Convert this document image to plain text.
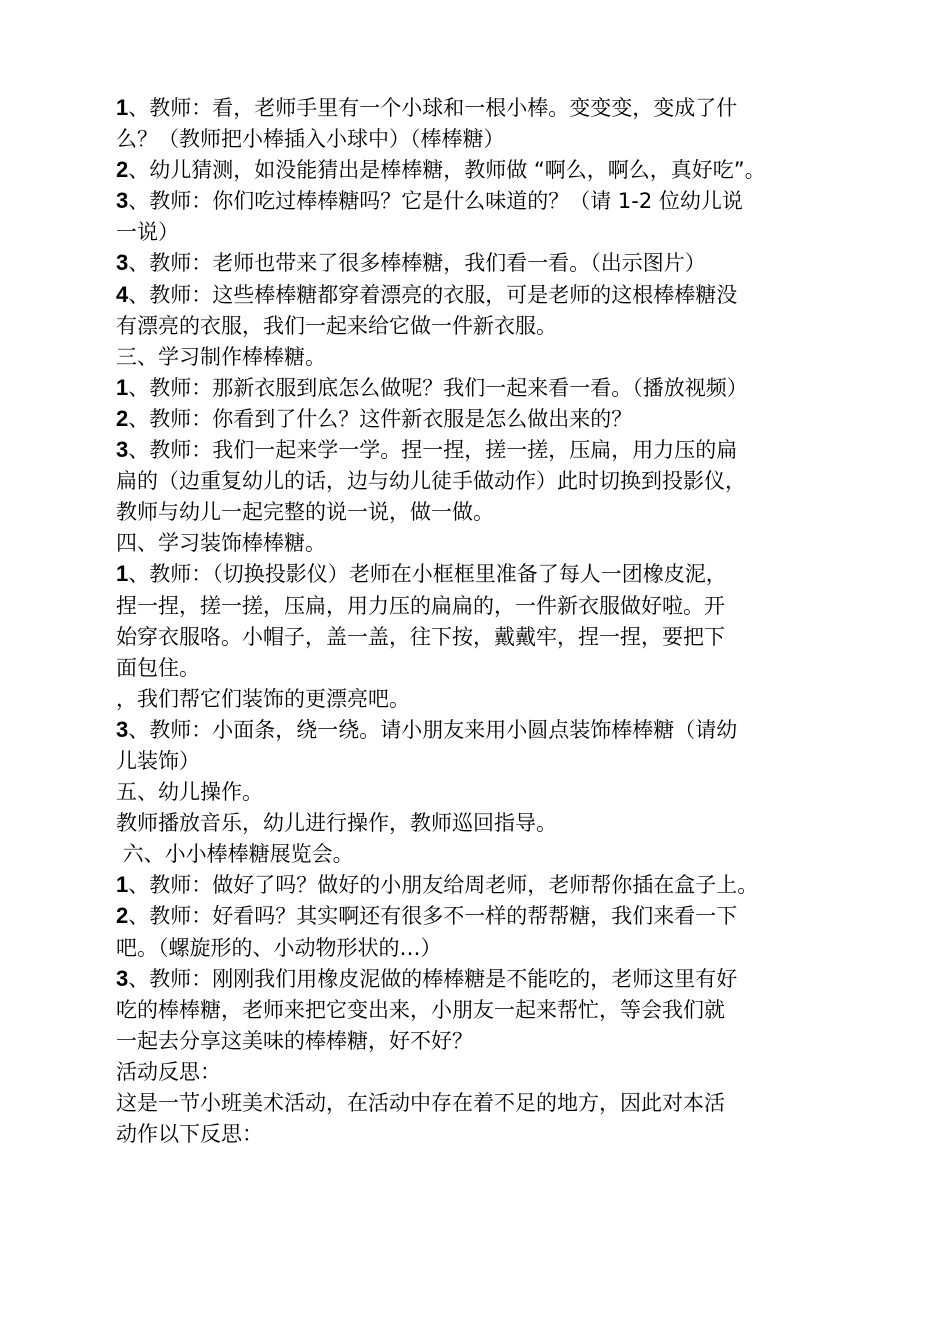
1、教师：看，老师手里有一个小球和一根小棒。变变变，变成了什
么？（教师把小棒插入小球中）（棒棒糖）
2、幼儿猜测，如没能猜出是棒棒糖，教师做 “啊么，啊么，真好吃”。
3、教师：你们吃过棒棒糖吗？它是什么味道的？（请 1-2 位幼儿说
一说）
3、教师：老师也带来了很多棒棒糖，我们看一看。（出示图片）
4、教师：这些棒棒糖都穿着漂亮的衣服，可是老师的这根棒棒糖没
有漂亮的衣服，我们一起来给它做一件新衣服。
三、学习制作棒棒糖。
1、教师：那新衣服到底怎么做呢？我们一起来看一看。（播放视频）
2、教师：你看到了什么？这件新衣服是怎么做出来的？
3、教师：我们一起来学一学。捏一捏，搓一搓，压扁，用力压的扁
扁的（边重复幼儿的话，边与幼儿徒手做动作）此时切换到投影仪，
教师与幼儿一起完整的说一说，做一做。
四、学习装饰棒棒糖。
1、教师：（切换投影仪）老师在小框框里准备了每人一团橡皮泥，
捏一捏，搓一搓，压扁，用力压的扁扁的，一件新衣服做好啦。开
始穿衣服咯。小帽子，盖一盖，往下按，戴戴牢，捏一捏，要把下
面包住。
，我们帮它们装饰的更漂亮吧。
3、教师：小面条，绕一绕。请小朋友来用小圆点装饰棒棒糖（请幼
儿装饰）
五、幼儿操作。
教师播放音乐，幼儿进行操作，教师巡回指导。
六、小小棒棒糖展览会。
1、教师：做好了吗？做好的小朋友给周老师，老师帮你插在盒子上。
2、教师：好看吗？其实啊还有很多不一样的帮帮糖，我们来看一下
吧。（螺旋形的、小动物形状的…）
3、教师：刚刚我们用橡皮泥做的棒棒糖是不能吃的，老师这里有好
吃的棒棒糖，老师来把它变出来，小朋友一起来帮忙，等会我们就
一起去分享这美味的棒棒糖，好不好？
活动反思：
这是一节小班美术活动，在活动中存在着不足的地方，因此对本活
动作以下反思：
